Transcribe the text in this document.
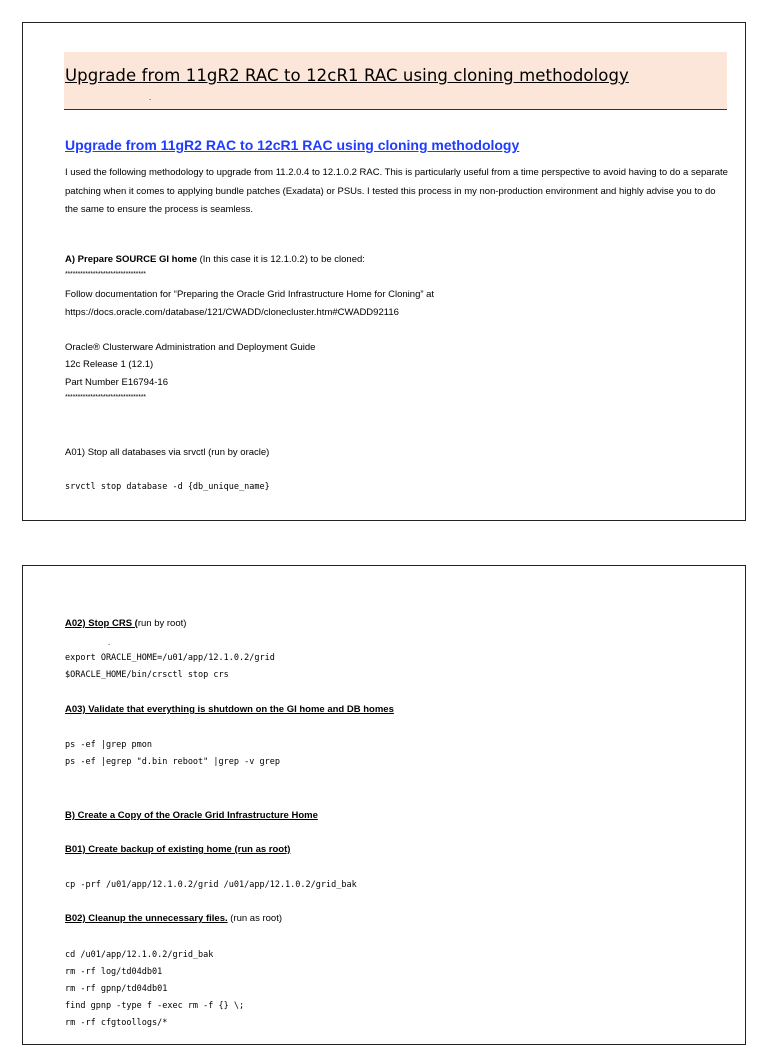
Upgrade from 11gR2 RAC to 12cR1 RAC using cloning methodology
.
Upgrade from 11gR2 RAC to 12cR1 RAC using cloning methodology
I used the following methodology to upgrade from 11.2.0.4 to 12.1.0.2 RAC. This is particularly useful from a time perspective to avoid having to do a separate patching when it comes to applying bundle patches (Exadata) or PSUs. I tested this process in my non-production environment and highly advise you to do the same to ensure the process is seamless.
A) Prepare SOURCE GI home (In this case it is 12.1.0.2) to be cloned:
********************************
Follow documentation for “Preparing the Oracle Grid Infrastructure Home for Cloning” at
https://docs.oracle.com/database/121/CWADD/clonecluster.htm#CWADD92116
Oracle® Clusterware Administration and Deployment Guide
12c Release 1 (12.1)
Part Number E16794-16
********************************
A01) Stop all databases via srvctl (run by oracle)
srvctl stop database -d {db_unique_name}
A02) Stop CRS (run by root)
.
export ORACLE_HOME=/u01/app/12.1.0.2/grid
$ORACLE_HOME/bin/crsctl stop crs
A03) Validate that everything is shutdown on the GI home and DB homes
ps -ef |grep pmon
ps -ef |egrep "d.bin reboot" |grep -v grep
B) Create a Copy of the Oracle Grid Infrastructure Home
B01) Create backup of existing home (run as root)
cp -prf /u01/app/12.1.0.2/grid /u01/app/12.1.0.2/grid_bak
B02) Cleanup the unnecessary files. (run as root)
cd /u01/app/12.1.0.2/grid_bak
rm -rf log/td04db01
rm -rf gpnp/td04db01
find gpnp -type f -exec rm -f {} \;
rm -rf cfgtoollogs/*
